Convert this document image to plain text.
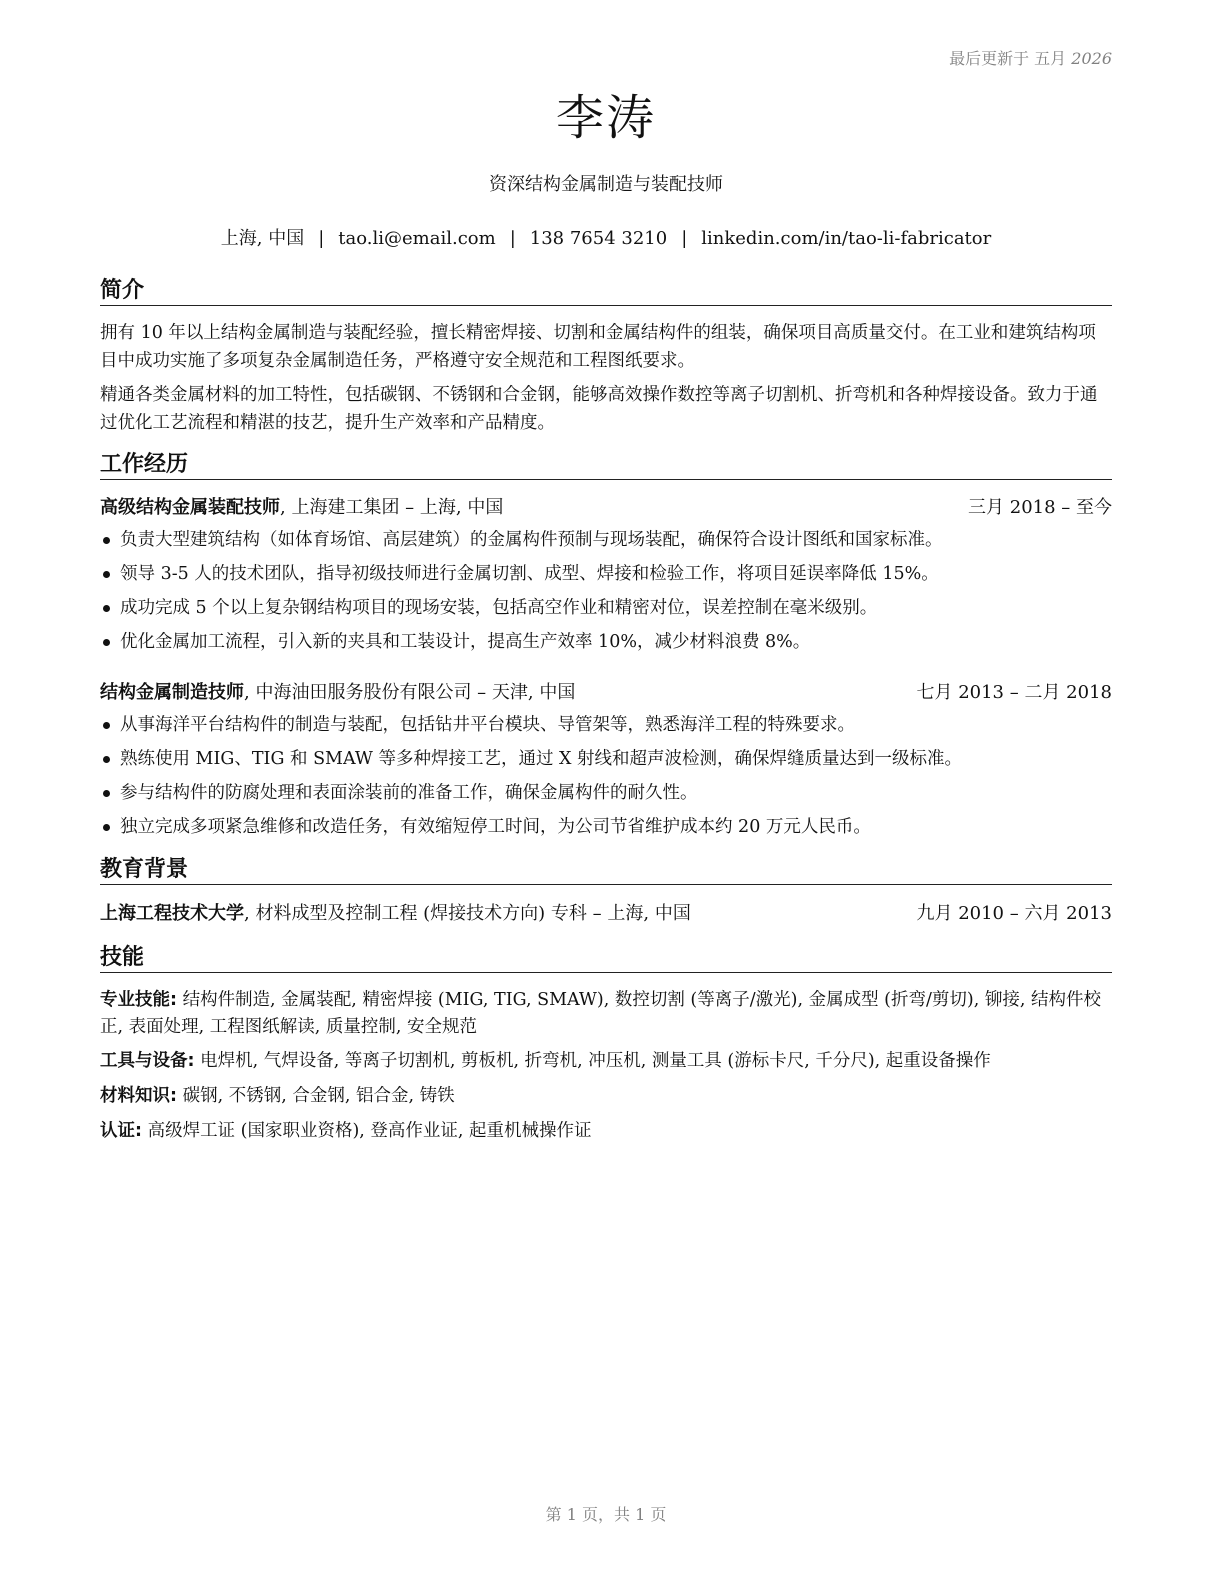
最后更新于 五月 2026
李涛
资深结构金属制造与装配技师
上海, 中国 | tao.li@email.com | 138 7654 3210 | linkedin.com/in/tao-li-fabricator
简介

拥有 10 年以上结构金属制造与装配经验，擅长精密焊接、切割和金属结构件的组装，确保项目高质量交付。在工业和建筑结构项目中成功实施了多项复杂金属制造任务，严格遵守安全规范和工程图纸要求。

精通各类金属材料的加工特性，包括碳钢、不锈钢和合金钢，能够高效操作数控等离子切割机、折弯机和各种焊接设备。致力于通过优化工艺流程和精湛的技艺，提升生产效率和产品精度。

工作经历
高级结构金属装配技师, 上海建工集团 – 上海, 中国	三月 2018 – 至今
负责大型建筑结构（如体育场馆、高层建筑）的金属构件预制与现场装配，确保符合设计图纸和国家标准。
领导 3-5 人的技术团队，指导初级技师进行金属切割、成型、焊接和检验工作，将项目延误率降低 15%。
成功完成 5 个以上复杂钢结构项目的现场安装，包括高空作业和精密对位，误差控制在毫米级别。
优化金属加工流程，引入新的夹具和工装设计，提高生产效率 10%，减少材料浪费 8%。
结构金属制造技师, 中海油田服务股份有限公司 – 天津, 中国	七月 2013 – 二月 2018
从事海洋平台结构件的制造与装配，包括钻井平台模块、导管架等，熟悉海洋工程的特殊要求。
熟练使用 MIG、TIG 和 SMAW 等多种焊接工艺，通过 X 射线和超声波检测，确保焊缝质量达到一级标准。
参与结构件的防腐处理和表面涂装前的准备工作，确保金属构件的耐久性。
独立完成多项紧急维修和改造任务，有效缩短停工时间，为公司节省维护成本约 20 万元人民币。
教育背景
上海工程技术大学, 材料成型及控制工程 (焊接技术方向) 专科 – 上海, 中国	九月 2010 – 六月 2013
技能

专业技能: 结构件制造, 金属装配, 精密焊接 (MIG, TIG, SMAW), 数控切割 (等离子/激光), 金属成型 (折弯/剪切), 铆接, 结构件校正, 表面处理, 工程图纸解读, 质量控制, 安全规范

工具与设备: 电焊机, 气焊设备, 等离子切割机, 剪板机, 折弯机, 冲压机, 测量工具 (游标卡尺, 千分尺), 起重设备操作

材料知识: 碳钢, 不锈钢, 合金钢, 铝合金, 铸铁

认证: 高级焊工证 (国家职业资格), 登高作业证, 起重机械操作证

第 1 页，共 1 页
